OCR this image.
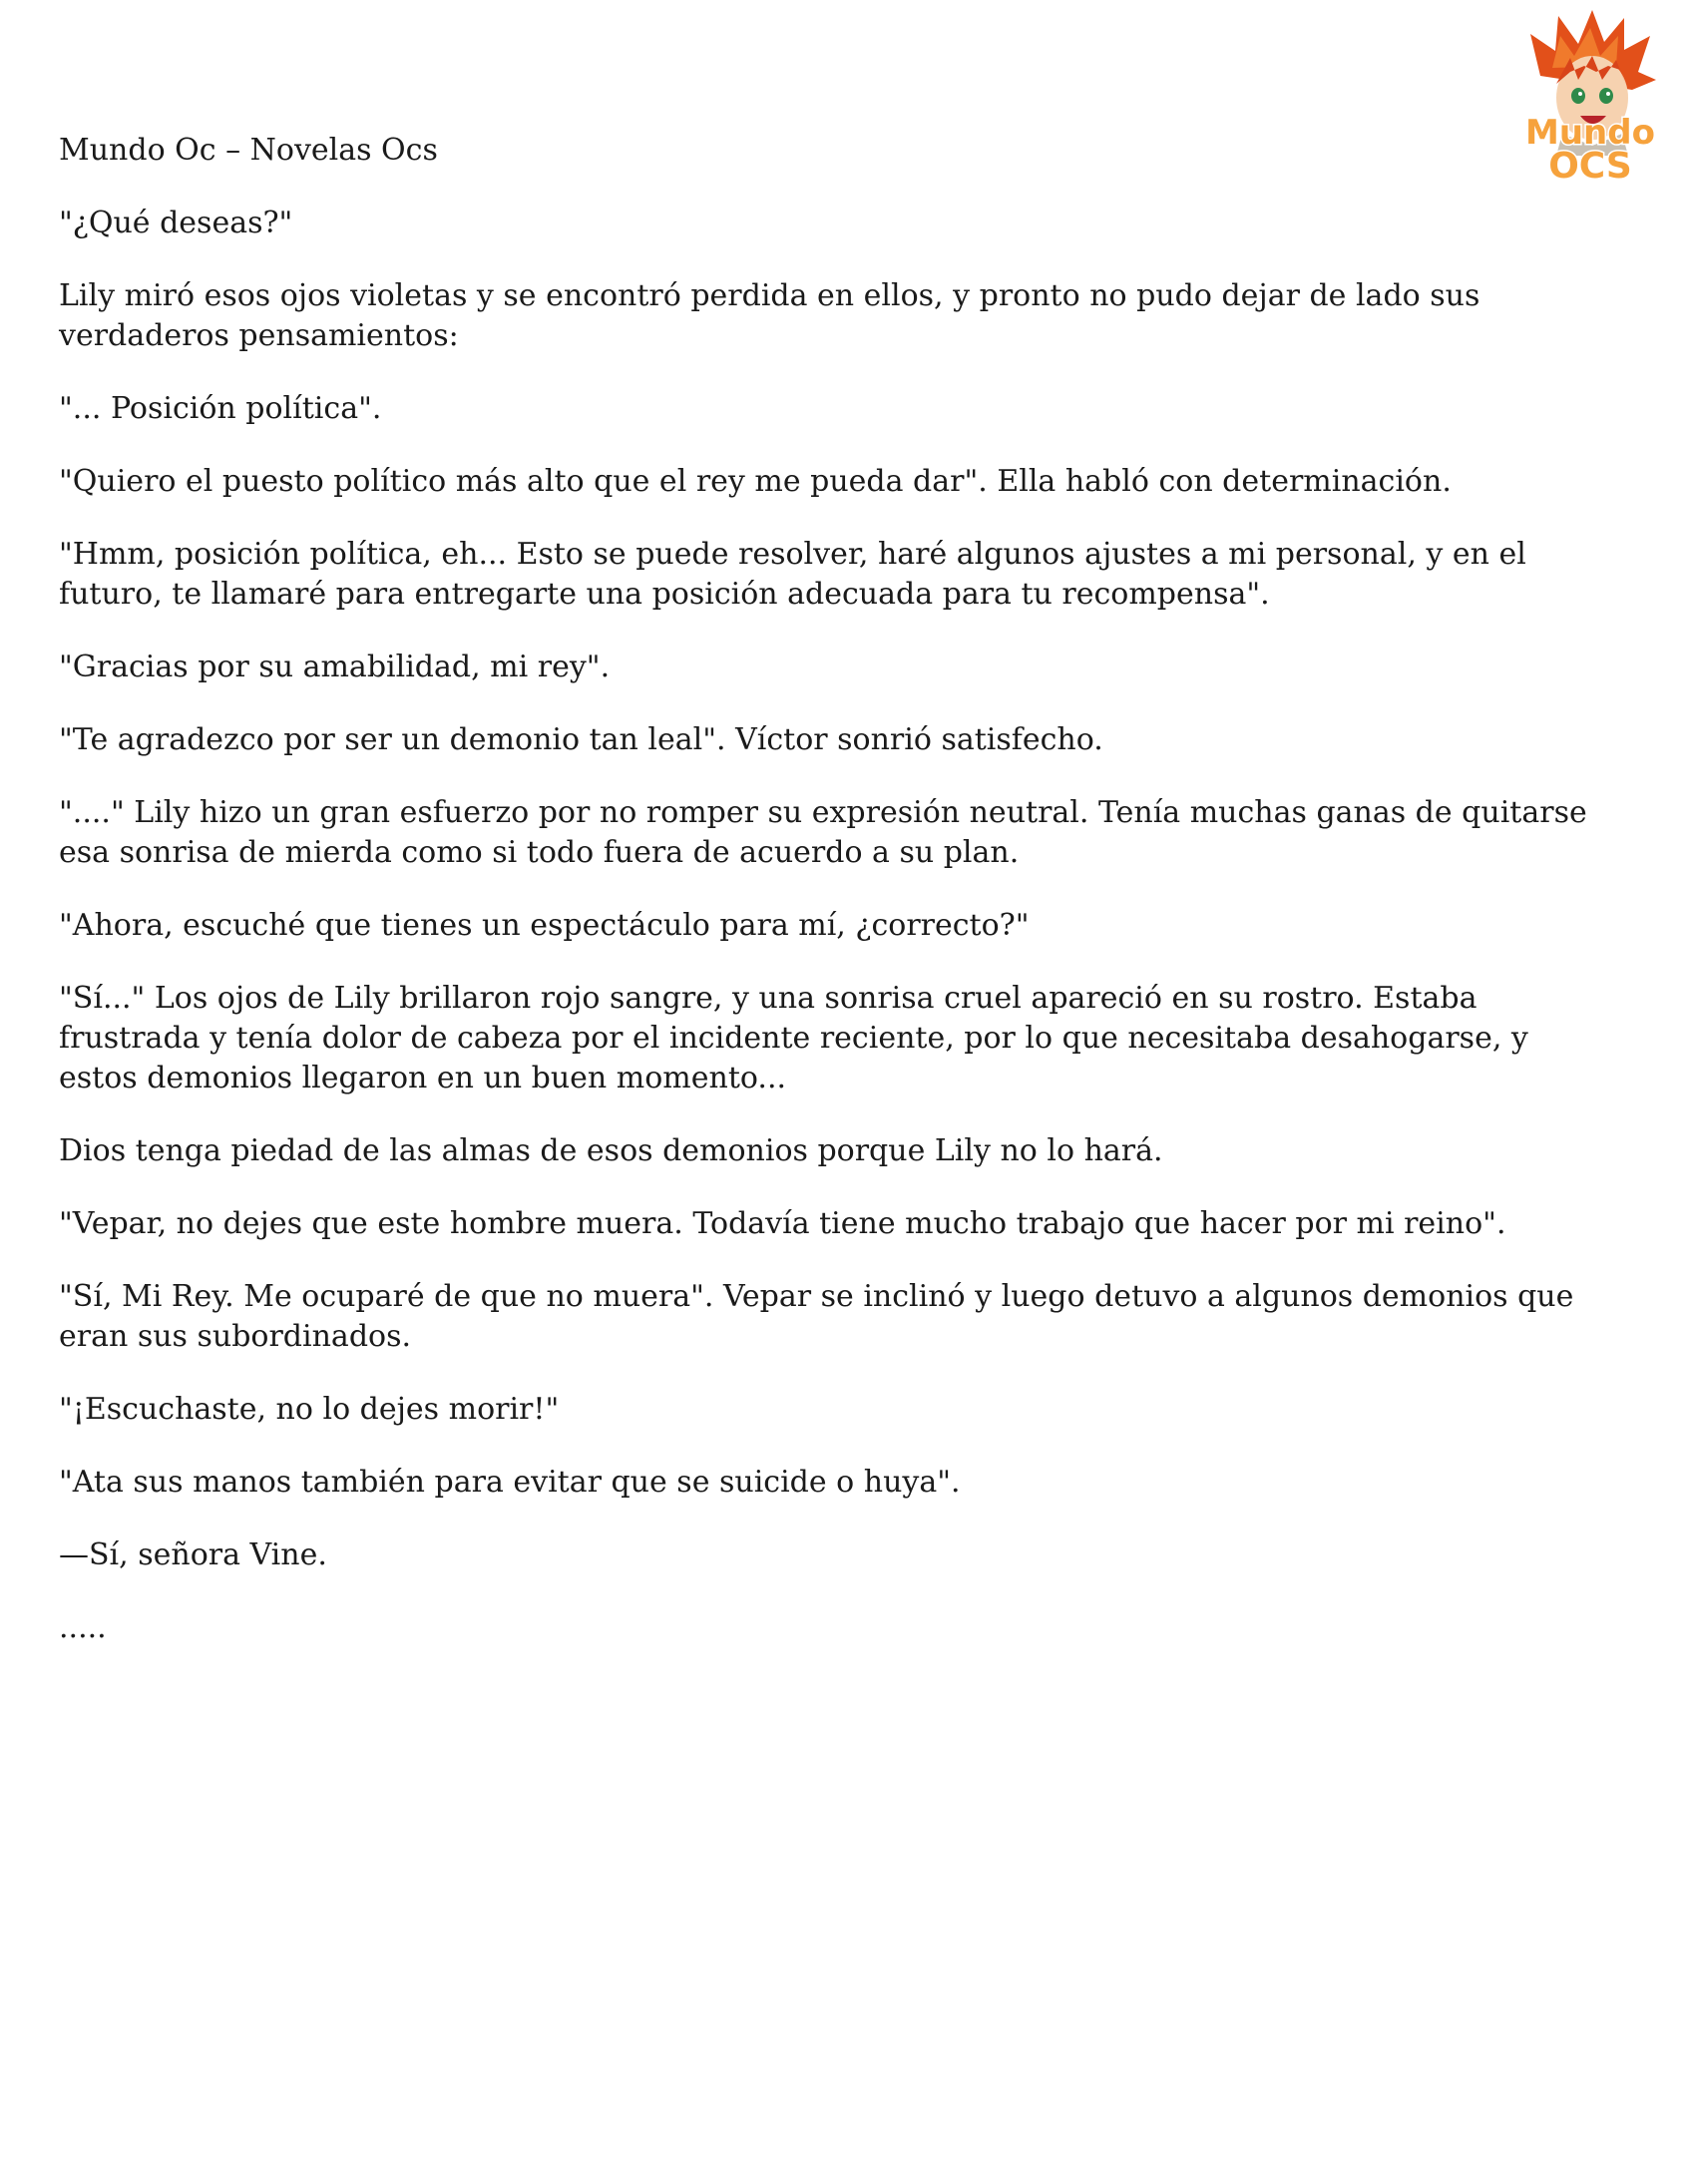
Mundo
OCS

Mundo Oc – Novelas Ocs

"¿Qué deseas?"

Lily miró esos ojos violetas y se encontró perdida en ellos, y pronto no pudo dejar de lado sus verdaderos pensamientos:

"... Posición política".

"Quiero el puesto político más alto que el rey me pueda dar". Ella habló con determinación.

"Hmm, posición política, eh... Esto se puede resolver, haré algunos ajustes a mi personal, y en el futuro, te llamaré para entregarte una posición adecuada para tu recompensa".

"Gracias por su amabilidad, mi rey".

"Te agradezco por ser un demonio tan leal". Víctor sonrió satisfecho.

"...." Lily hizo un gran esfuerzo por no romper su expresión neutral. Tenía muchas ganas de quitarse esa sonrisa de mierda como si todo fuera de acuerdo a su plan.

"Ahora, escuché que tienes un espectáculo para mí, ¿correcto?"

"Sí..." Los ojos de Lily brillaron rojo sangre, y una sonrisa cruel apareció en su rostro. Estaba frustrada y tenía dolor de cabeza por el incidente reciente, por lo que necesitaba desahogarse, y estos demonios llegaron en un buen momento...

Dios tenga piedad de las almas de esos demonios porque Lily no lo hará.

"Vepar, no dejes que este hombre muera. Todavía tiene mucho trabajo que hacer por mi reino".

"Sí, Mi Rey. Me ocuparé de que no muera". Vepar se inclinó y luego detuvo a algunos demonios que eran sus subordinados.

"¡Escuchaste, no lo dejes morir!"

"Ata sus manos también para evitar que se suicide o huya".

—Sí, señora Vine.

.....
